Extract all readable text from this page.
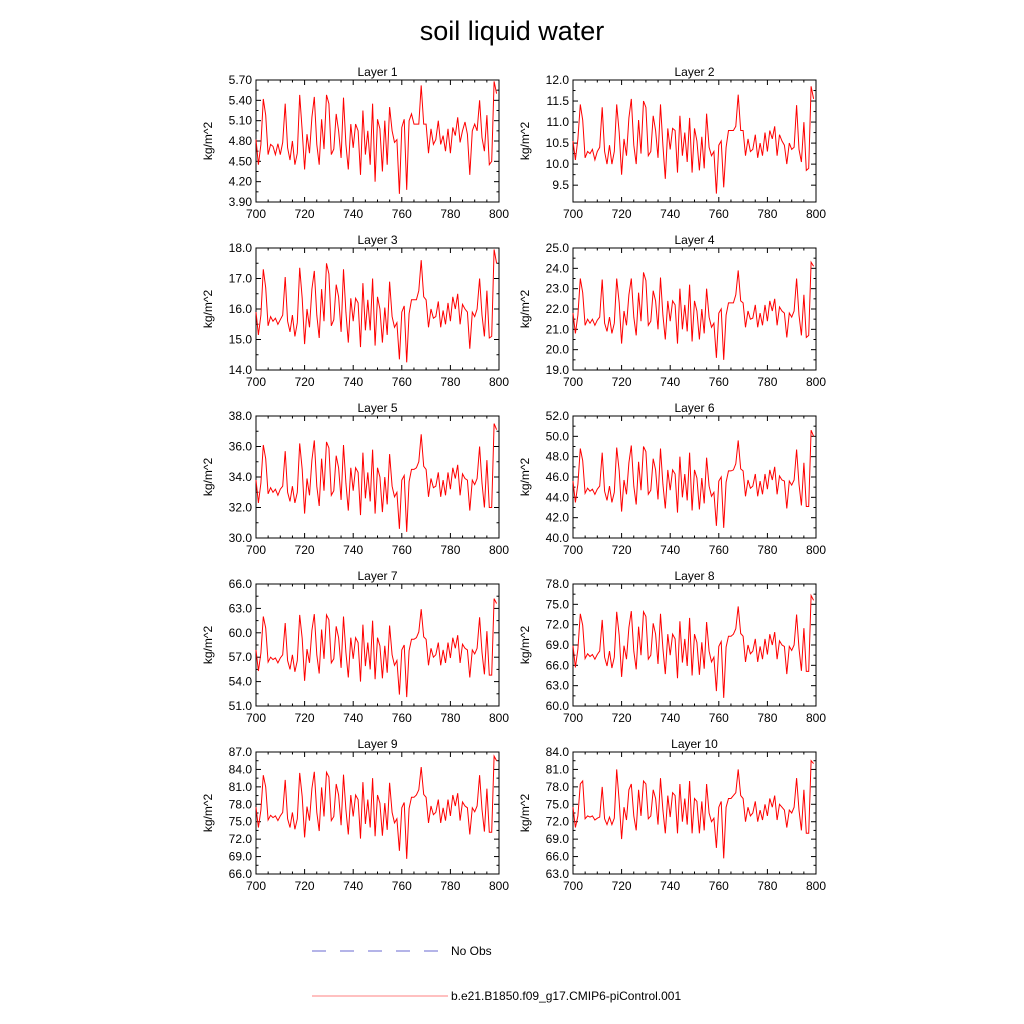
soil liquid water
Layer 1
kg/m^2
700 720 740 760 780 800
3.90
4.20
4.50
4.80
5.10
5.40
5.70
Layer 2
kg/m^2
700 720 740 760 780 800
9.5
10.0
10.5
11.0
11.5
12.0
Layer 3
kg/m^2
700 720 740 760 780 800
14.0
15.0
16.0
17.0
18.0
Layer 4
kg/m^2
700 720 740 760 780 800
19.0
20.0
21.0
22.0
23.0
24.0
25.0
Layer 5
kg/m^2
700 720 740 760 780 800
30.0
32.0
34.0
36.0
38.0
Layer 6
kg/m^2
700 720 740 760 780 800
40.0
42.0
44.0
46.0
48.0
50.0
52.0
Layer 7
kg/m^2
700 720 740 760 780 800
51.0
54.0
57.0
60.0
63.0
66.0
Layer 8
kg/m^2
700 720 740 760 780 800
60.0
63.0
66.0
69.0
72.0
75.0
78.0
Layer 9
kg/m^2
700 720 740 760 780 800
66.0
69.0
72.0
75.0
78.0
81.0
84.0
87.0
Layer 10
kg/m^2
700 720 740 760 780 800
63.0
66.0
69.0
72.0
75.0
78.0
81.0
84.0
No Obs
b.e21.B1850.f09_g17.CMIP6-piControl.001
